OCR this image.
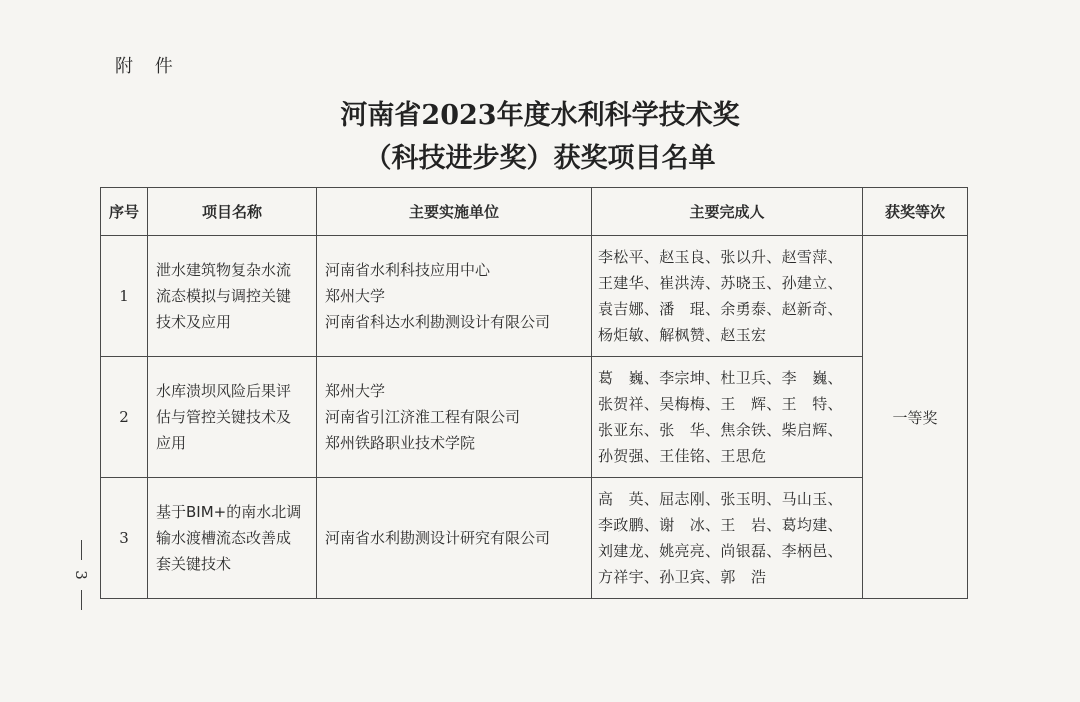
附 件
河南省2023年度水利科学技术奖
（科技进步奖）获奖项目名单
3
序号	项目名称	主要实施单位	主要完成人	获奖等次
1	泄水建筑物复杂水流
流态模拟与调控关键
技术及应用	河南省水利科技应用中心
郑州大学
河南省科达水利勘测设计有限公司	李松平、赵玉良、张以升、赵雪萍、
王建华、崔洪涛、苏晓玉、孙建立、
袁吉娜、潘　琨、余勇泰、赵新奇、
杨炬敏、解枫赞、赵玉宏	一等奖
2	水库溃坝风险后果评
估与管控关键技术及
应用	郑州大学
河南省引江济淮工程有限公司
郑州铁路职业技术学院	葛　巍、李宗坤、杜卫兵、李　巍、
张贺祥、吴梅梅、王　辉、王　特、
张亚东、张　华、焦余铁、柴启辉、
孙贺强、王佳铭、王思危	

3	基于BIM+的南水北调
输水渡槽流态改善成
套关键技术	河南省水利勘测设计研究有限公司	高　英、屈志刚、张玉明、马山玉、
李政鹏、谢　冰、王　岩、葛均建、
刘建龙、姚亮亮、尚银磊、李柄邑、
方祥宇、孙卫宾、郭　浩	
